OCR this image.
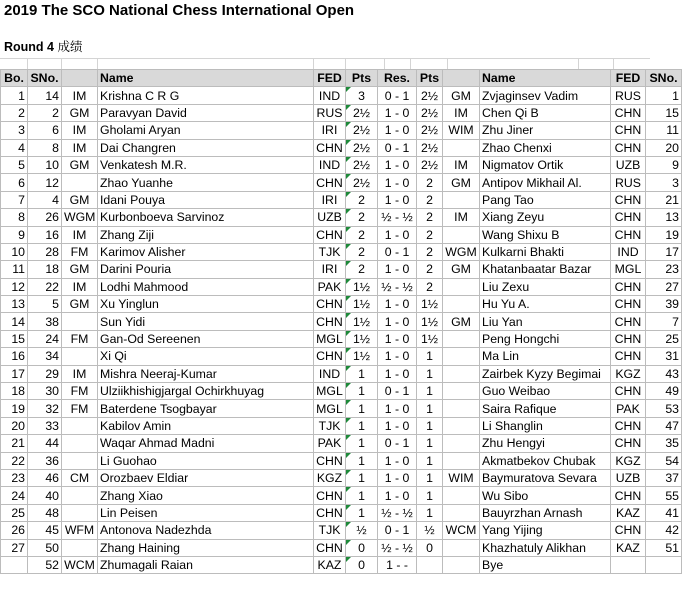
2019 The SCO National Chess International Open
Round 4 成绩
Bo.	SNo.		Name	FED	Pts	Res.	Pts		Name	FED	SNo.
1	14	IM	Krishna C R G	IND	3	0 - 1	2½	GM	Zvjaginsev Vadim	RUS	1
2	2	GM	Paravyan David	RUS	2½	1 - 0	2½	IM	Chen Qi B	CHN	15
3	6	IM	Gholami Aryan	IRI	2½	1 - 0	2½	WIM	Zhu Jiner	CHN	11
4	8	IM	Dai Changren	CHN	2½	0 - 1	2½		Zhao Chenxi	CHN	20
5	10	GM	Venkatesh M.R.	IND	2½	1 - 0	2½	IM	Nigmatov Ortik	UZB	9
6	12		Zhao Yuanhe	CHN	2½	1 - 0	2	GM	Antipov Mikhail Al.	RUS	3
7	4	GM	Idani Pouya	IRI	2	1 - 0	2		Pang Tao	CHN	21
8	26	WGM	Kurbonboeva Sarvinoz	UZB	2	½ - ½	2	IM	Xiang Zeyu	CHN	13
9	16	IM	Zhang Ziji	CHN	2	1 - 0	2		Wang Shixu B	CHN	19
10	28	FM	Karimov Alisher	TJK	2	0 - 1	2	WGM	Kulkarni Bhakti	IND	17
11	18	GM	Darini Pouria	IRI	2	1 - 0	2	GM	Khatanbaatar Bazar	MGL	23
12	22	IM	Lodhi Mahmood	PAK	1½	½ - ½	2		Liu Zexu	CHN	27
13	5	GM	Xu Yinglun	CHN	1½	1 - 0	1½		Hu Yu A.	CHN	39
14	38		Sun Yidi	CHN	1½	1 - 0	1½	GM	Liu Yan	CHN	7
15	24	FM	Gan-Od Sereenen	MGL	1½	1 - 0	1½		Peng Hongchi	CHN	25
16	34		Xi Qi	CHN	1½	1 - 0	1		Ma Lin	CHN	31
17	29	IM	Mishra Neeraj-Kumar	IND	1	1 - 0	1		Zairbek Kyzy Begimai	KGZ	43
18	30	FM	Ulziikhishigjargal Ochirkhuyag	MGL	1	0 - 1	1		Guo Weibao	CHN	49
19	32	FM	Baterdene Tsogbayar	MGL	1	1 - 0	1		Saira Rafique	PAK	53
20	33		Kabilov Amin	TJK	1	1 - 0	1		Li Shanglin	CHN	47
21	44		Waqar Ahmad Madni	PAK	1	0 - 1	1		Zhu Hengyi	CHN	35
22	36		Li Guohao	CHN	1	1 - 0	1		Akmatbekov Chubak	KGZ	54
23	46	CM	Orozbaev Eldiar	KGZ	1	1 - 0	1	WIM	Baymuratova Sevara	UZB	37
24	40		Zhang Xiao	CHN	1	1 - 0	1		Wu Sibo	CHN	55
25	48		Lin Peisen	CHN	1	½ - ½	1		Bauyrzhan Arnash	KAZ	41
26	45	WFM	Antonova Nadezhda	TJK	½	0 - 1	½	WCM	Yang Yijing	CHN	42
27	50		Zhang Haining	CHN	0	½ - ½	0		Khazhatuly Alikhan	KAZ	51
	52	WCM	Zhumagali Raian	KAZ	0	1 - -			Bye		
